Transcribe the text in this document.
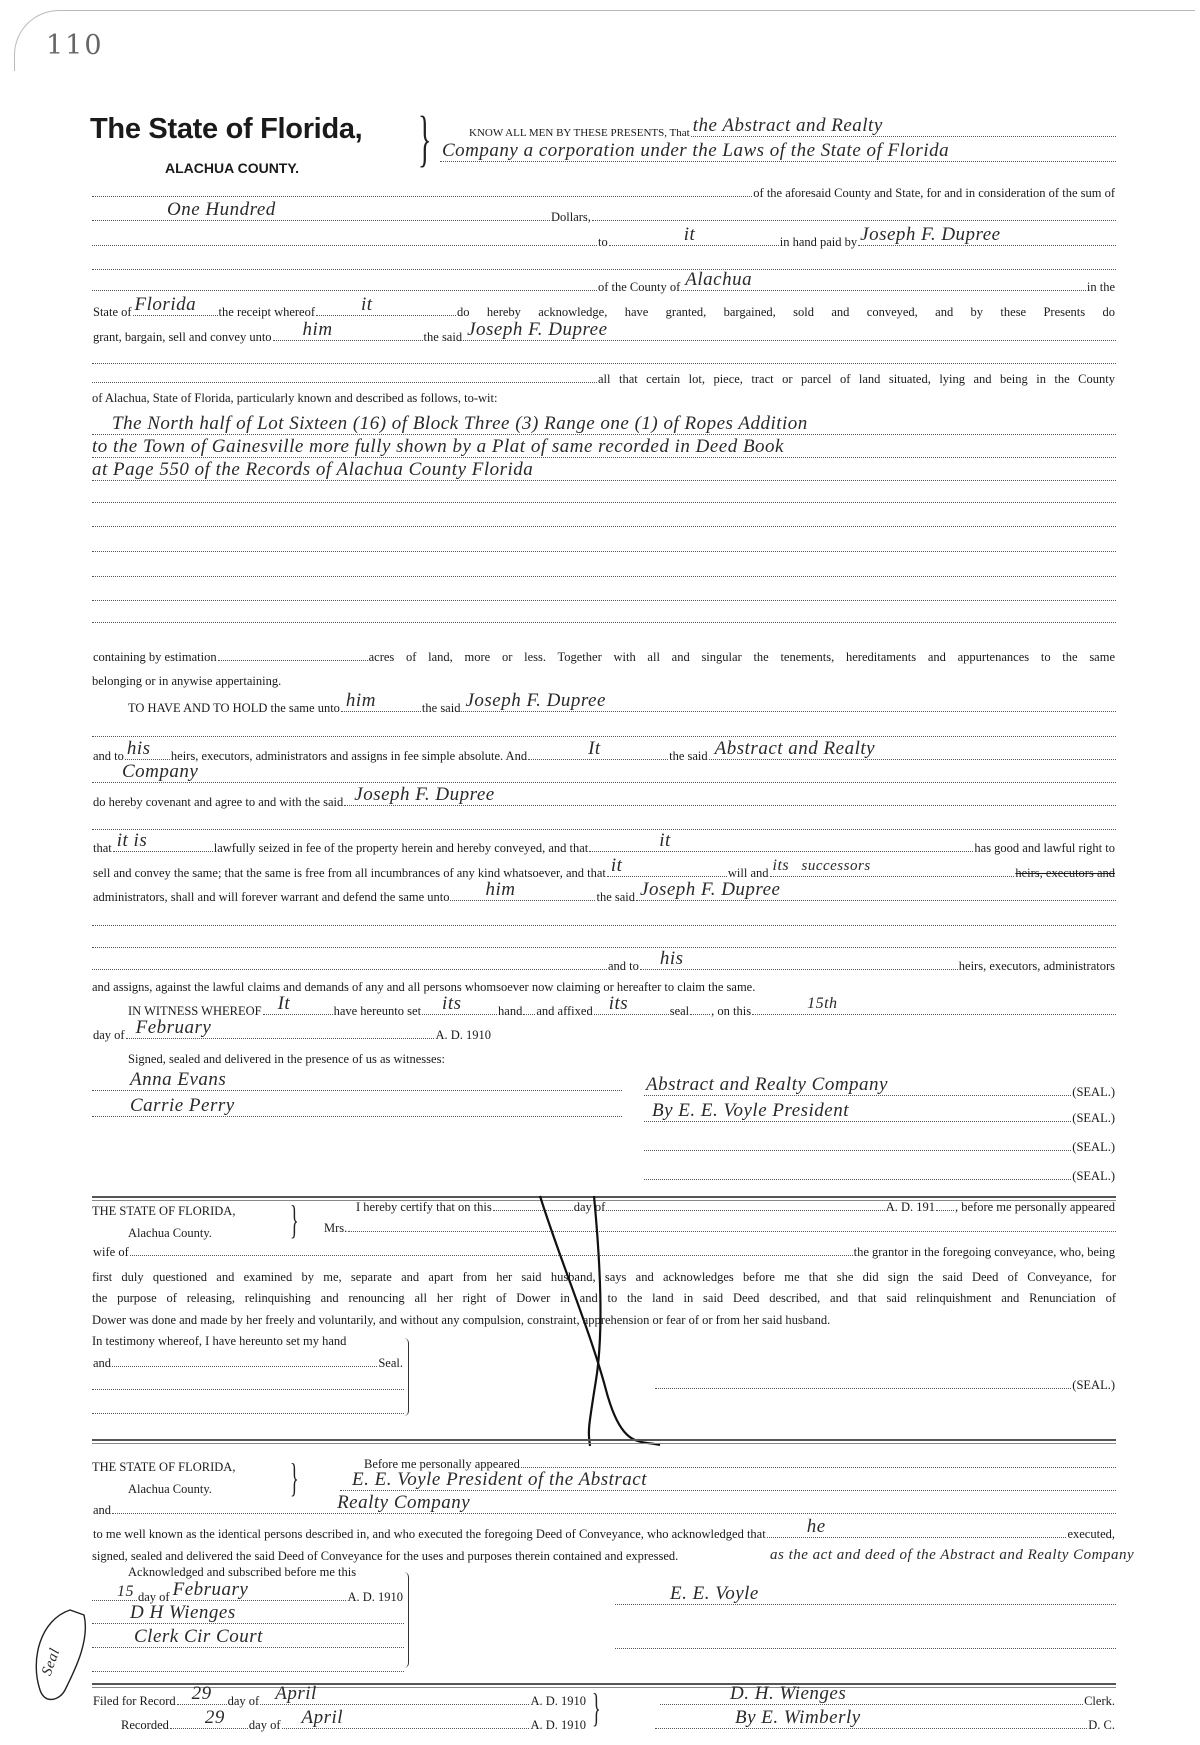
110
The State of Florida,
ALACHUA COUNTY. }	KNOW ALL MEN BY THESE PRESENTS, That the Abstract and Realty
Company a corporation under the Laws of the State of Florida
of the aforesaid County and State, for and in consideration of the sum of
One Hundred	Dollars,
to	it	in hand paid by Joseph F. Dupree
of the County of Alachua	in the
State of Florida the receipt whereof it	do hereby acknowledge, have granted, bargained, sold and conveyed, and by these Presents do
grant, bargain, sell and convey unto him	the said Joseph F. Dupree
all that certain lot, piece, tract or parcel of land situated, lying and being in the County
of Alachua, State of Florida, particularly known and described as follows, to-wit:
The North half of Lot Sixteen (16) of Block Three (3) Range one (1) of Ropes Addition
to the Town of Gainesville more fully shown by a Plat of same recorded in Deed Book
at Page 550 of the Records of Alachua County Florida
containing by estimation	acres of land, more or less. Together with all and singular the tenements, hereditaments and appurtenances to the same
belonging or in anywise appertaining.
TO HAVE AND TO HOLD the same unto him	the said Joseph F. Dupree
and to his heirs, executors, administrators and assigns in fee simple absolute. And	It	the said Abstract and Realty
Company
do hereby covenant and agree to and with the said Joseph F. Dupree
that it is	lawfully seized in fee of the property herein and hereby conveyed, and that	it	has good and lawful right to
sell and convey the same; that the same is free from all incumbrances of any kind whatsoever, and that it	will and its successors	heirs, executors and
administrators, shall and will forever warrant and defend the same unto him	the said Joseph F. Dupree
and to his	heirs, executors, administrators
and assigns, against the lawful claims and demands of any and all persons whomsoever now claiming or hereafter to claim the same.
IN WITNESS WHEREOF It	have hereunto set its	hand and affixed its	seal , on this	15th
day of February	A. D. 1910
Signed, sealed and delivered in the presence of us as witnesses:
Anna Evans
Carrie Perry
Abstract and Realty Company	(SEAL.)
By E. E. Voyle President	(SEAL.)
(SEAL.)
(SEAL.)
THE STATE OF FLORIDA,
Alachua County. }	I hereby certify that on this	day of	A. D. 191 , before me personally appeared
Mrs.
wife of	the grantor in the foregoing conveyance, who, being
first duly questioned and examined by me, separate and apart from her said husband, says and acknowledges before me that she did sign the said Deed of Conveyance, for
the purpose of releasing, relinquishing and renouncing all her right of Dower in and to the land in said Deed described, and that said relinquishment and Renunciation of
Dower was done and made by her freely and voluntarily, and without any compulsion, constraint, apprehension or fear of or from her said husband.
In testimony whereof, I have hereunto set my hand
and	Seal.
(SEAL.)
THE STATE OF FLORIDA,
Alachua County. }	Before me personally appeared
E. E. Voyle President of the Abstract
and	Realty Company
to me well known as the identical persons described in, and who executed the foregoing Deed of Conveyance, who acknowledged that he	executed,
signed, sealed and delivered the said Deed of Conveyance for the uses and purposes therein contained and expressed.	as the act and deed of the Abstract and Realty Company
Acknowledged and subscribed before me this
15 day of February	A. D. 1910
D H Wienges
Clerk Cir Court
Seal
E. E. Voyle
Filed for Record 29 day of April	A. D. 1910
Recorded 29 day of April	A. D. 1910 }	D. H. Wienges	Clerk.
By E. Wimberly	D. C.
